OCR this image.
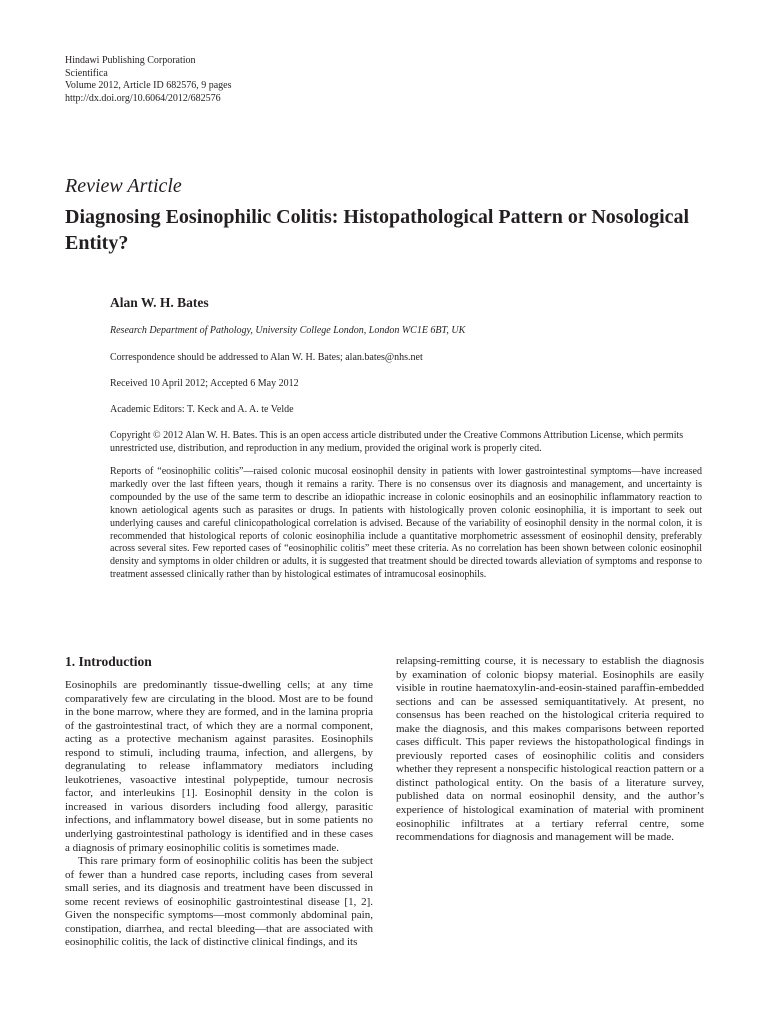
Hindawi Publishing Corporation
Scientifica
Volume 2012, Article ID 682576, 9 pages
http://dx.doi.org/10.6064/2012/682576
Review Article
Diagnosing Eosinophilic Colitis: Histopathological Pattern or Nosological Entity?
Alan W. H. Bates
Research Department of Pathology, University College London, London WC1E 6BT, UK
Correspondence should be addressed to Alan W. H. Bates; alan.bates@nhs.net
Received 10 April 2012; Accepted 6 May 2012
Academic Editors: T. Keck and A. A. te Velde
Copyright © 2012 Alan W. H. Bates. This is an open access article distributed under the Creative Commons Attribution License, which permits unrestricted use, distribution, and reproduction in any medium, provided the original work is properly cited.
Reports of “eosinophilic colitis”—raised colonic mucosal eosinophil density in patients with lower gastrointestinal symptoms—have increased markedly over the last fifteen years, though it remains a rarity. There is no consensus over its diagnosis and management, and uncertainty is compounded by the use of the same term to describe an idiopathic increase in colonic eosinophils and an eosinophilic inflammatory reaction to known aetiological agents such as parasites or drugs. In patients with histologically proven colonic eosinophilia, it is important to seek out underlying causes and careful clinicopathological correlation is advised. Because of the variability of eosinophil density in the normal colon, it is recommended that histological reports of colonic eosinophilia include a quantitative morphometric assessment of eosinophil density, preferably across several sites. Few reported cases of “eosinophilic colitis” meet these criteria. As no correlation has been shown between colonic eosinophil density and symptoms in older children or adults, it is suggested that treatment should be directed towards alleviation of symptoms and response to treatment assessed clinically rather than by histological estimates of intramucosal eosinophils.
1. Introduction

Eosinophils are predominantly tissue-dwelling cells; at any time comparatively few are circulating in the blood. Most are to be found in the bone marrow, where they are formed, and in the lamina propria of the gastrointestinal tract, of which they are a normal component, acting as a protective mechanism against parasites. Eosinophils respond to stimuli, including trauma, infection, and allergens, by degranulating to release inflammatory mediators including leukotrienes, vasoactive intestinal polypeptide, tumour necrosis factor, and interleukins [1]. Eosinophil density in the colon is increased in various disorders including food allergy, parasitic infections, and inflammatory bowel disease, but in some patients no underlying gastrointestinal pathology is identified and in these cases a diagnosis of primary eosinophilic colitis is sometimes made.

This rare primary form of eosinophilic colitis has been the subject of fewer than a hundred case reports, including cases from several small series, and its diagnosis and treatment have been discussed in some recent reviews of eosinophilic gastrointestinal disease [1, 2]. Given the nonspecific symptoms—most commonly abdominal pain, constipation, diarrhea, and rectal bleeding—that are associated with eosinophilic colitis, the lack of distinctive clinical findings, and its

relapsing-remitting course, it is necessary to establish the diagnosis by examination of colonic biopsy material. Eosinophils are easily visible in routine haematoxylin-and-eosin-stained paraffin-embedded sections and can be assessed semiquantitatively. At present, no consensus has been reached on the histological criteria required to make the diagnosis, and this makes comparisons between reported cases difficult. This paper reviews the histopathological findings in previously reported cases of eosinophilic colitis and considers whether they represent a nonspecific histological reaction pattern or a distinct pathological entity. On the basis of a literature survey, published data on normal eosinophil density, and the author’s experience of histological examination of material with prominent eosinophilic infiltrates at a tertiary referral centre, some recommendations for diagnosis and management will be made.
